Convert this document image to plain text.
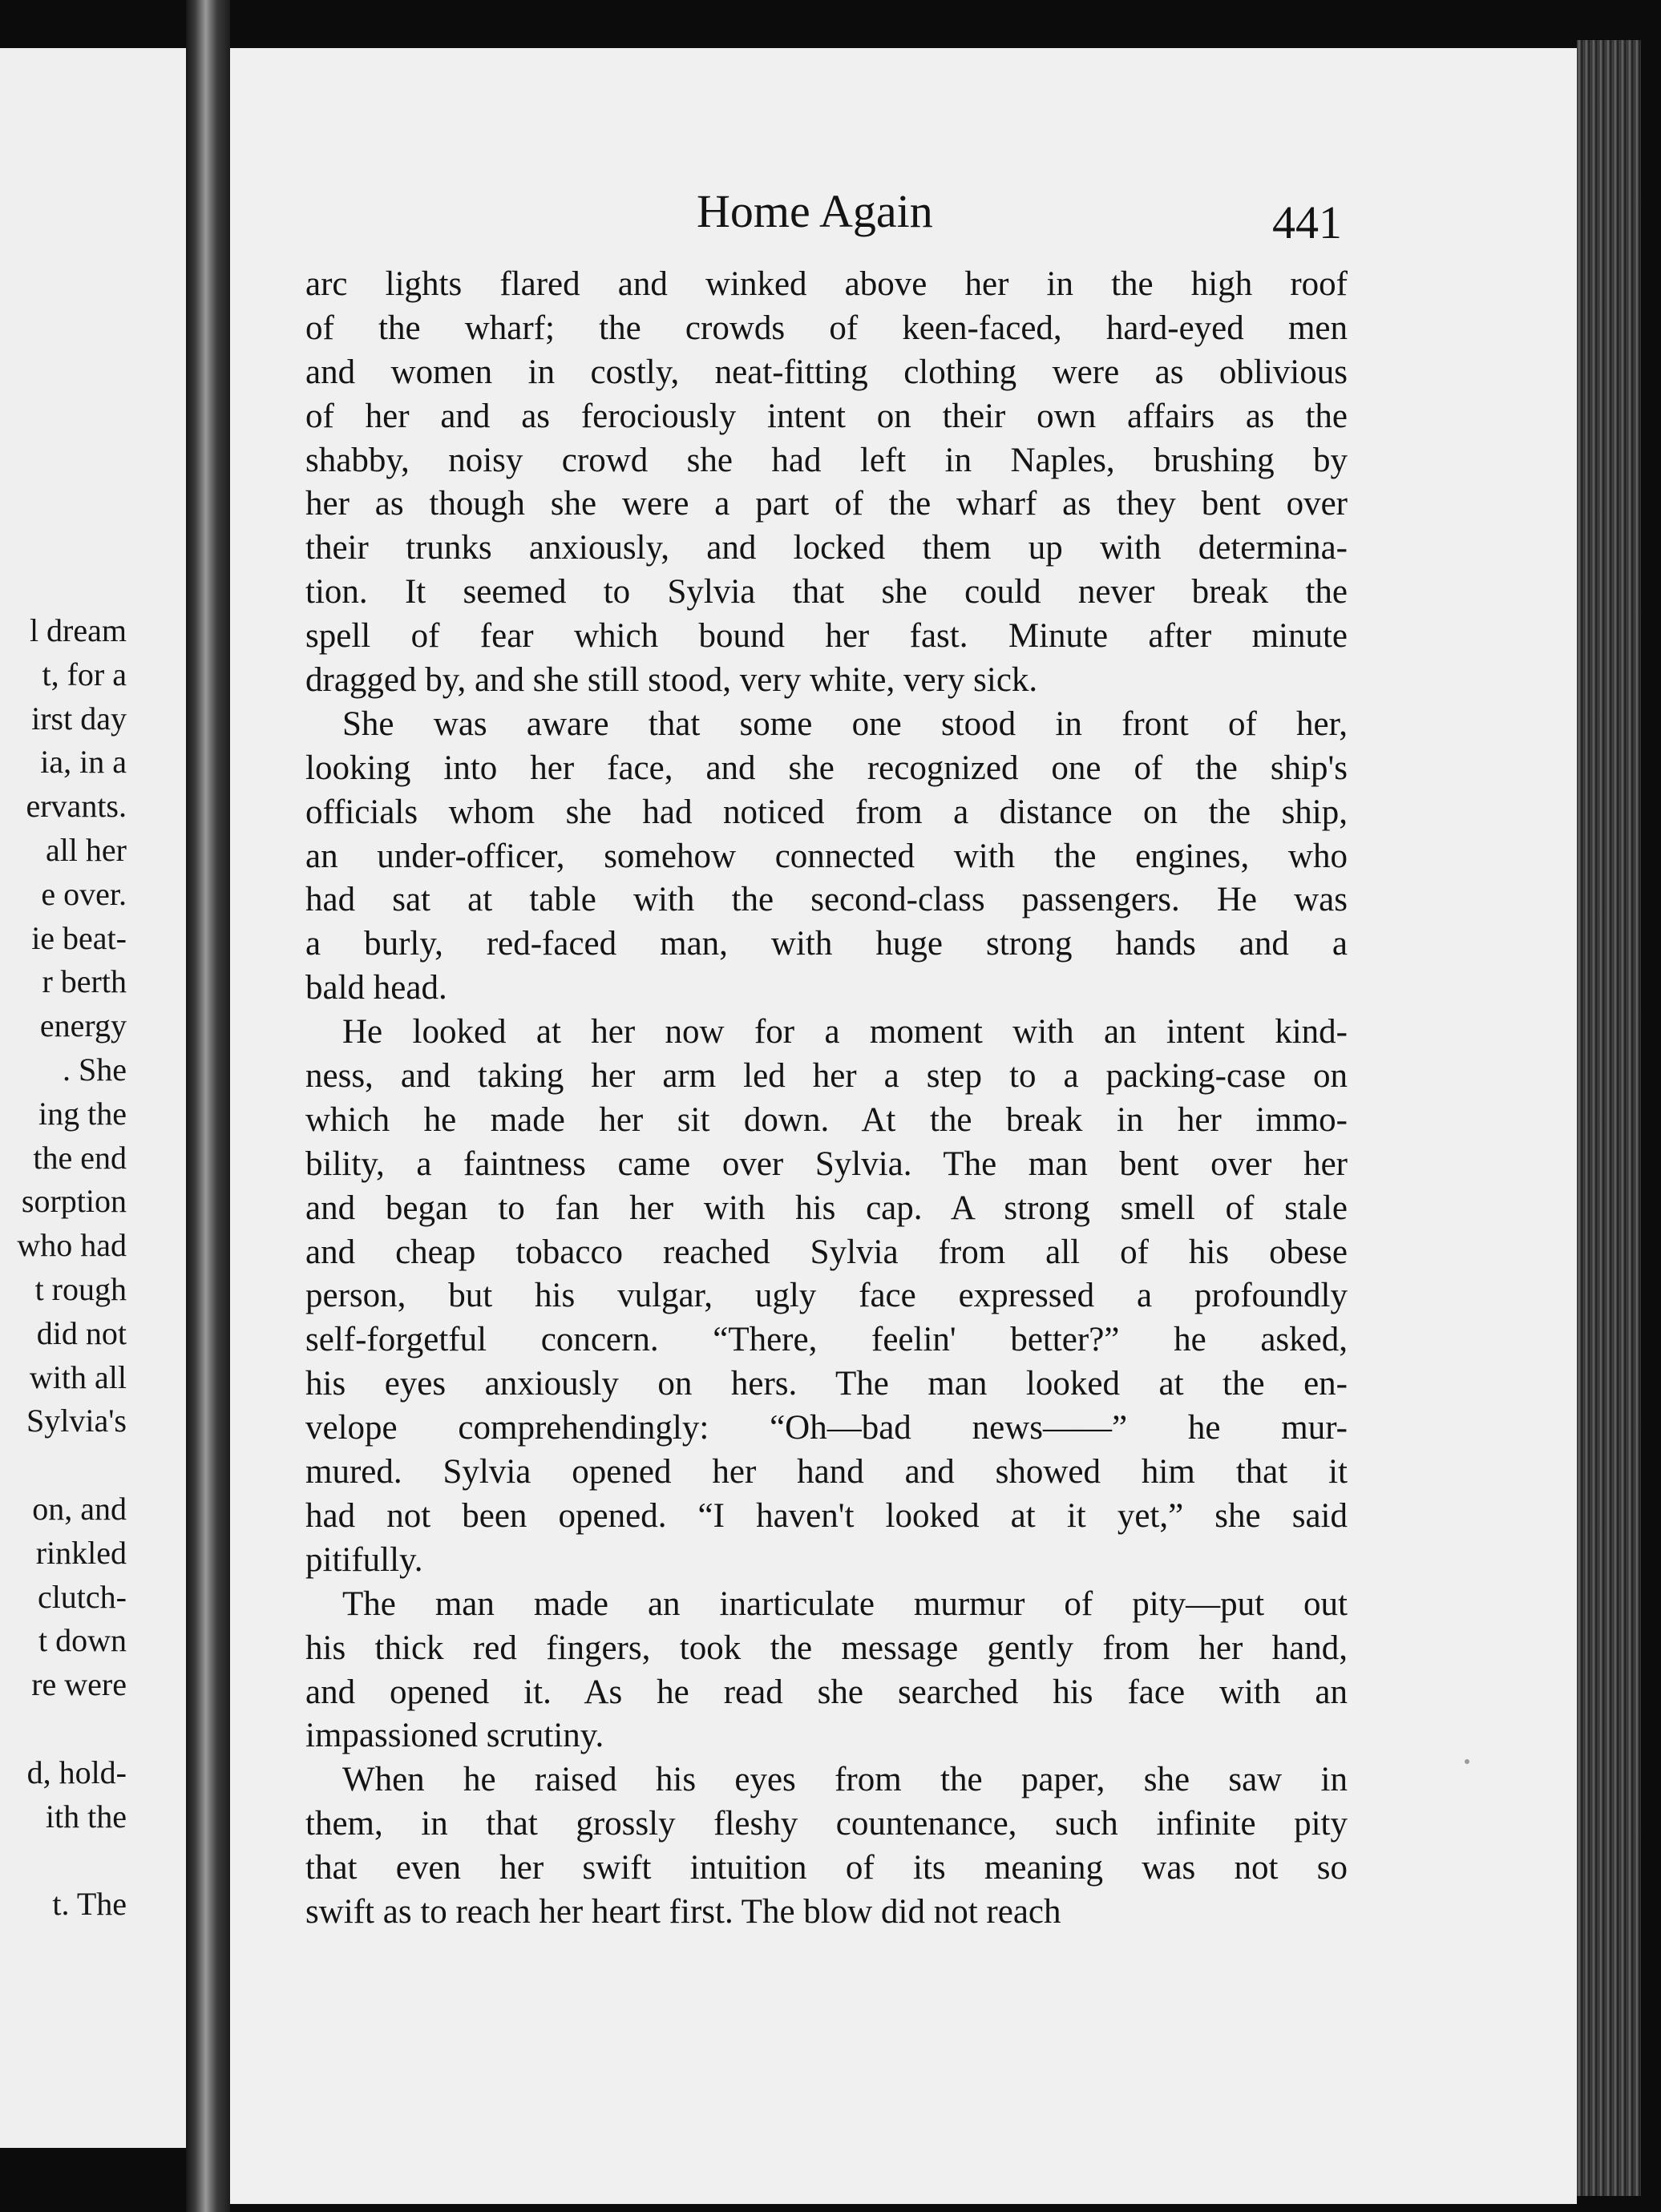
l dream
t, for a
irst day
ia, in a
ervants.
all her
e over.
ie beat-
r berth
energy
. She
ing the
the end
sorption
who had
t rough
did not
with all
Sylvia's
on, and
rinkled
clutch-
t down
re were
d, hold-
ith the
t. The
Home Again	441
arc lights flared and winked above her in the high roof
of the wharf; the crowds of keen-faced, hard-eyed men
and women in costly, neat-fitting clothing were as oblivious
of her and as ferociously intent on their own affairs as the
shabby, noisy crowd she had left in Naples, brushing by
her as though she were a part of the wharf as they bent over
their trunks anxiously, and locked them up with determina-
tion. It seemed to Sylvia that she could never break the
spell of fear which bound her fast. Minute after minute
dragged by, and she still stood, very white, very sick.
She was aware that some one stood in front of her,
looking into her face, and she recognized one of the ship's
officials whom she had noticed from a distance on the ship,
an under-officer, somehow connected with the engines, who
had sat at table with the second-class passengers. He was
a burly, red-faced man, with huge strong hands and a
bald head.
He looked at her now for a moment with an intent kind-
ness, and taking her arm led her a step to a packing-case on
which he made her sit down. At the break in her immo-
bility, a faintness came over Sylvia. The man bent over her
and began to fan her with his cap. A strong smell of stale
and cheap tobacco reached Sylvia from all of his obese
person, but his vulgar, ugly face expressed a profoundly
self-forgetful concern. “There, feelin' better?” he asked,
his eyes anxiously on hers. The man looked at the en-
velope comprehendingly: “Oh—bad news——” he mur-
mured. Sylvia opened her hand and showed him that it
had not been opened. “I haven't looked at it yet,” she said
pitifully.
The man made an inarticulate murmur of pity—put out
his thick red fingers, took the message gently from her hand,
and opened it. As he read she searched his face with an
impassioned scrutiny.
When he raised his eyes from the paper, she saw in
them, in that grossly fleshy countenance, such infinite pity
that even her swift intuition of its meaning was not so
swift as to reach her heart first. The blow did not reach
